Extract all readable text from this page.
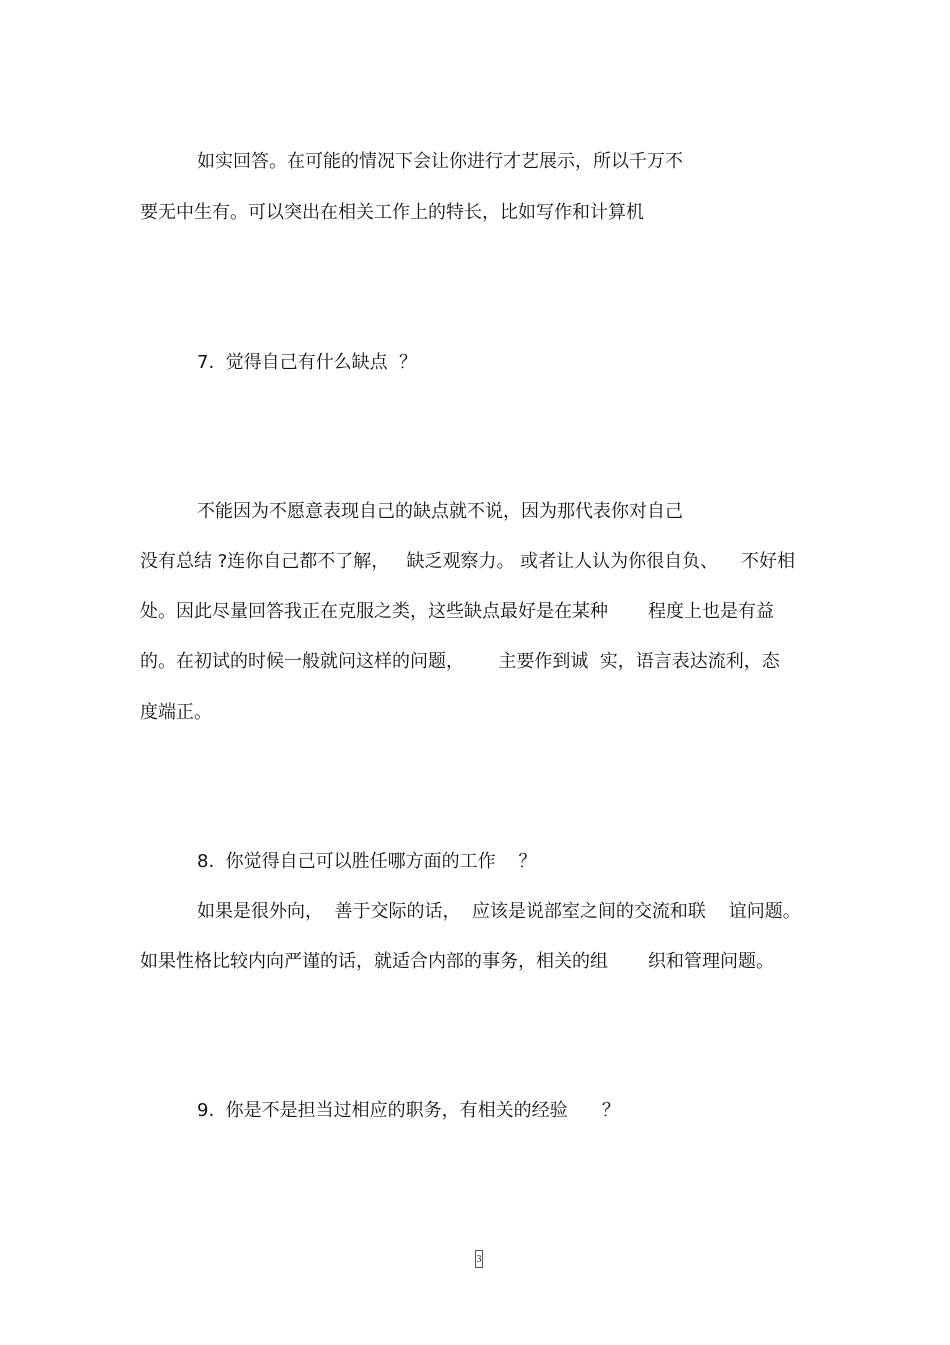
如实回答。在可能的情况下会让你进行才艺展示，所以千万不

要无中生有。可以突出在相关工作上的特长，比如写作和计算机

7.  觉得自己有什么缺点  ？

不能因为不愿意表现自己的缺点就不说，因为那代表你对自己

没有总结 ?连你自己都不了解，   缺乏观察力。 或者让人认为你很自负、    不好相

处。因此尽量回答我正在克服之类，这些缺点最好是在某种       程度上也是有益

的。在初试的时候一般就问这样的问题，      主要作到诚  实，语言表达流利，态

度端正。

8.  你觉得自己可以胜任哪方面的工作    ？

如果是很外向，  善于交际的话，  应该是说部室之间的交流和联    谊问题。

如果性格比较内向严谨的话，就适合内部的事务，相关的组       织和管理问题。

9.  你是不是担当过相应的职务，有相关的经验      ？

3
